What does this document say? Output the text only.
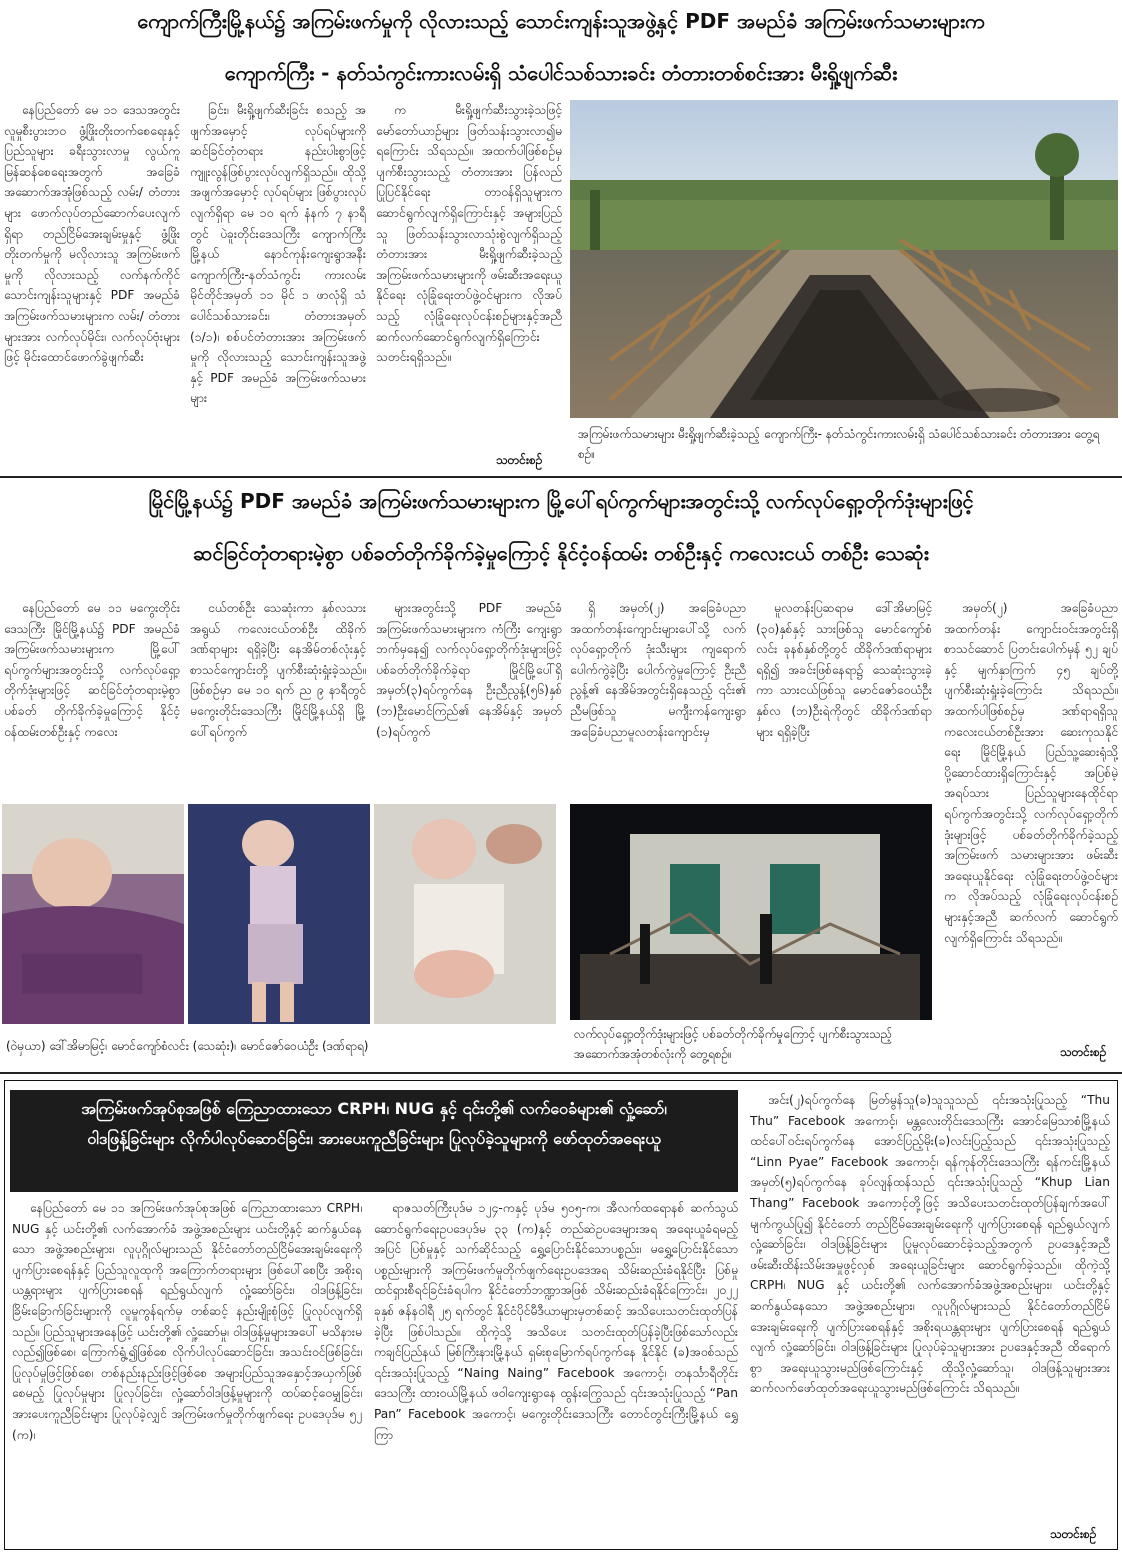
ကျောက်ကြီးမြို့နယ်၌ အကြမ်းဖက်မှုကို လိုလားသည့် သောင်းကျန်းသူအဖွဲ့နှင့် PDF အမည်ခံ အကြမ်းဖက်သမားများက
ကျောက်ကြီး - နတ်သံကွင်းကားလမ်းရှိ သံပေါင်သစ်သားခင်း တံတားတစ်စင်းအား မီးရှို့ဖျက်ဆီး

နေပြည်တော် မေ ၁၁ ဒေသအတွင်း လူမှုစီးပွားဘဝ ဖွံ့ဖြိုးတိုးတက်စေရေးနှင့် ပြည်သူများ ခရီးသွားလာမှု လွယ်ကူမြန်ဆန်စေရေးအတွက် အခြေခံအဆောက်အအုံဖြစ်သည့် လမ်း/ တံတားများ ဖောက်လုပ်တည်ဆောက်ပေးလျက်ရှိရာ တည်ငြိမ်အေးချမ်းမှုနှင့် ဖွံ့ဖြိုးတိုးတက်မှုကို မလိုလားသူ အကြမ်းဖက်မှုကို လိုလားသည့် လက်နက်ကိုင် သောင်းကျန်းသူများနှင့် PDF အမည်ခံအကြမ်းဖက်သမားများက လမ်း/ တံတားများအား လက်လုပ်မိုင်း၊ လက်လုပ်ဗုံးများဖြင့် မိုင်းထောင်ဖောက်ခွဲဖျက်ဆီး

ခြင်း၊ မီးရှို့ဖျက်ဆီးခြင်း စသည့် အဖျက်အမှောင့် လုပ်ရပ်များကို ဆင်ခြင်တုံတရား နည်းပါးစွာဖြင့် ကျူးလွန်ဖြစ်ပွားလုပ်လျက်ရှိသည်။ ထိုသို့ အဖျက်အမှောင့် လုပ်ရပ်များ ဖြစ်ပွားလုပ်လျက်ရှိရာ မေ ၁၀ ရက် နံနက် ၇ နာရီတွင် ပဲခူးတိုင်းဒေသကြီး ကျောက်ကြီးမြို့နယ် နောင်ကုန်းကျေးရွာအနီး ကျောက်ကြီး-နတ်သံကွင်း ကားလမ်းမိုင်တိုင်အမှတ် ၁၁ မိုင် ၁ ဖာလုံရှိ သံပေါင်သစ်သားခင်း၊ တံတားအမှတ် (၁/၁)၊ စစ်ပင်တံတားအား အကြမ်းဖက်မှုကို လိုလားသည့် သောင်းကျန်းသူအဖွဲ့နှင့် PDF အမည်ခံ အကြမ်းဖက်သမားများ

က မီးရှို့ဖျက်ဆီးသွားခဲ့သဖြင့် မော်တော်ယာဉ်များ ဖြတ်သန်းသွားလာ၍မရကြောင်း သိရသည်။ အထက်ပါဖြစ်စဉ်မှ ပျက်စီးသွားသည့် တံတားအား ပြန်လည်ပြုပြင်နိုင်ရေး တာဝန်ရှိသူများက ဆောင်ရွက်လျက်ရှိကြောင်းနှင့် အများပြည်သူ ဖြတ်သန်းသွားလာသုံးစွဲလျက်ရှိသည့် တံတားအား မီးရှို့ဖျက်ဆီးခဲ့သည့် အကြမ်းဖက်သမားများကို ဖမ်းဆီးအရေးယူနိုင်ရေး လုံခြုံရေးတပ်ဖွဲ့ဝင်များက လိုအပ်သည့် လုံခြုံရေးလုပ်ငန်းစဉ်များနှင့်အညီ ဆက်လက်ဆောင်ရွက်လျက်ရှိကြောင်း သတင်းရရှိသည်။

သတင်းစဉ်
အကြမ်းဖက်သမားများ မီးရှို့ဖျက်ဆီးခဲ့သည့် ကျောက်ကြီး- နတ်သံကွင်းကားလမ်းရှိ သံပေါင်သစ်သားခင်း တံတားအား တွေ့ရစဉ်။
မြိုင်မြို့နယ်၌ PDF အမည်ခံ အကြမ်းဖက်သမားများက မြို့ပေါ်ရပ်ကွက်များအတွင်းသို့ လက်လုပ်ရှော့တိုက်ဒုံးများဖြင့်
ဆင်ခြင်တုံတရားမဲ့စွာ ပစ်ခတ်တိုက်ခိုက်ခဲ့မှုကြောင့် နိုင်ငံ့ဝန်ထမ်း တစ်ဦးနှင့် ကလေးငယ် တစ်ဦး သေဆုံး

နေပြည်တော် မေ ၁၁ မကွေးတိုင်းဒေသကြီး မြိုင်မြို့နယ်၌ PDF အမည်ခံ အကြမ်းဖက်သမားများက မြို့ပေါ်ရပ်ကွက်များအတွင်းသို့ လက်လုပ်ရှော့တိုက်ဒုံးများဖြင့် ဆင်ခြင်တုံတရားမဲ့စွာ ပစ်ခတ် တိုက်ခိုက်ခဲ့မှုကြောင့် နိုင်ငံ့ဝန်ထမ်းတစ်ဦးနှင့် ကလေး

ငယ်တစ်ဦး သေဆုံးကာ နှစ်လသားအရွယ် ကလေးငယ်တစ်ဦး ထိခိုက်ဒဏ်ရာများ ရရှိခဲ့ပြီး နေအိမ်တစ်လုံးနှင့် စာသင်ကျောင်းတို့ ပျက်စီးဆုံးရှုံးခဲ့သည်။ ဖြစ်စဉ်မှာ မေ ၁၀ ရက် ည ၉ နာရီတွင် မကွေးတိုင်းဒေသကြီး မြိုင်မြို့နယ်ရှိ မြို့ပေါ်ရပ်ကွက်

များအတွင်းသို့ PDF အမည်ခံ အကြမ်းဖက်သမားများက ကံကြီး ကျေးရွာဘက်မှနေ၍ လက်လုပ်ရှော့တိုက်ဒုံးများဖြင့် ပစ်ခတ်တိုက်ခိုက်ခဲ့ရာ မြိုင်မြို့ပေါ်ရှိ အမှတ်(၃)ရပ်ကွက်နေ ဦးညီညွန့်(၅၆)နှစ် (ဘ)ဦးမောင်ကြည်၏ နေအိမ်နှင့် အမှတ် (၁)ရပ်ကွက်

ရှိ အမှတ်(၂) အခြေခံပညာ အထက်တန်းကျောင်းများပေါ်သို့ လက်လုပ်ရှော့တိုက် ဒုံးသီးများ ကျရောက် ပေါက်ကွဲခဲ့ပြီး ပေါက်ကွဲမှုကြောင့် ဦးညီညွန့်၏ နေအိမ်အတွင်းရှိနေသည့် ၎င်း၏ ညီမဖြစ်သူ မကျီးကန်ကျေးရွာ အခြေခံပညာမူလတန်းကျောင်းမှ

မူလတန်းပြဆရာမ ဒေါ်အိမာမြင့် (၃၀)နှစ်နှင့် သားဖြစ်သူ မောင်ကျော်စံလင်း ခုနစ်နှစ်တို့တွင် ထိခိုက်ဒဏ်ရာများရရှိ၍ အခင်းဖြစ်နေရာ၌ သေဆုံးသွားခဲ့ကာ သားငယ်ဖြစ်သူ မောင်ဇော်ဝေယံဦး နှစ်လ (ဘ)ဦးရဲကိုတွင် ထိခိုက်ဒဏ်ရာများ ရရှိခဲ့ပြီး

အမှတ်(၂) အခြေခံပညာအထက်တန်း ကျောင်းဝင်းအတွင်းရှိ စာသင်ဆောင် ပြတင်းပေါက်မှန် ၅၂ ချပ်နှင့် မျက်နှာကြက် ၄၅ ချပ်တို့ ပျက်စီးဆုံးရှုံးခဲ့ကြောင်း သိရသည်။ အထက်ပါဖြစ်စဉ်မှ ဒဏ်ရာရရှိသူ ကလေးငယ်တစ်ဦးအား ဆေးကုသနိုင်ရေး မြိုင်မြို့နယ် ပြည်သူ့ဆေးရုံသို့ ပို့ဆောင်ထားရှိကြောင်းနှင့် အပြစ်မဲ့ အရပ်သား ပြည်သူများနေထိုင်ရာ ရပ်ကွက်အတွင်းသို့ လက်လုပ်ရှော့တိုက်ဒုံးများဖြင့် ပစ်ခတ်တိုက်ခိုက်ခဲ့သည့် အကြမ်းဖက် သမားများအား ဖမ်းဆီးအရေးယူနိုင်ရေး လုံခြုံရေးတပ်ဖွဲ့ဝင်များက လိုအပ်သည့် လုံခြုံရေးလုပ်ငန်းစဉ်များနှင့်အညီ ဆက်လက် ဆောင်ရွက်လျက်ရှိကြောင်း သိရသည်။

သတင်းစဉ်
(ဝဲမှယာ) ဒေါ်အိမာမြင့်၊ မောင်ကျော်စံလင်း (သေဆုံး)၊ မောင်ဇော်ဝေယံဦး (ဒဏ်ရာရ)
လက်လုပ်ရှော့တိုက်ဒုံးများဖြင့် ပစ်ခတ်တိုက်ခိုက်မှုကြောင့် ပျက်စီးသွားသည့် အဆောက်အအုံတစ်လုံးကို တွေ့ရစဉ်။
အကြမ်းဖက်အုပ်စုအဖြစ် ကြေညာထားသော CRPH၊ NUG နှင့် ၎င်းတို့၏ လက်ဝေခံများ၏ လှုံ့ဆော်၊
ဝါဒဖြန့်ခြင်းများ လိုက်ပါလုပ်ဆောင်ခြင်း၊ အားပေးကူညီခြင်းများ ပြုလုပ်ခဲ့သူများကို ဖော်ထုတ်အရေးယူ

နေပြည်တော် မေ ၁၁ အကြမ်းဖက်အုပ်စုအဖြစ် ကြေညာထားသော CRPH၊ NUG နှင့် ယင်းတို့၏ လက်အောက်ခံ အဖွဲ့အစည်းများ ယင်းတို့နှင့် ဆက်နွယ်နေသော အဖွဲ့အစည်းများ၊ လူပုဂ္ဂိုလ်များသည် နိုင်ငံတော်တည်ငြိမ်အေးချမ်းရေးကို ပျက်ပြားစေရန်နှင့် ပြည်သူလူထုကို အကြောက်တရားများ ဖြစ်ပေါ်စေပြီး အစိုးရယန္တရားများ ပျက်ပြားစေရန် ရည်ရွယ်လျက် လှုံ့ဆော်ခြင်း၊ ဝါဒဖြန့်ခြင်း၊ ခြိမ်းခြောက်ခြင်းများကို လူမှုကွန်ရက်မှ တစ်ဆင့် နည်းမျိုးစုံဖြင့် ပြုလုပ်လျက်ရှိသည်။ ပြည်သူများအနေဖြင့် ယင်းတို့၏ လှုံ့ဆော်မှု၊ ဝါဒဖြန့်မှုများအပေါ် မသိနားမလည်၍ဖြစ်စေ၊ ကြောက်ရွံ့၍ဖြစ်စေ လိုက်ပါလုပ်ဆောင်ခြင်း၊ အသင်းဝင်ဖြစ်ခြင်း၊ ပြုလုပ်မှုဖြင့်ဖြစ်စေ၊ တစ်နည်းနည်းဖြင့်ဖြစ်စေ အများပြည်သူအနှောင့်အယှက်ဖြစ်စေမည့် ပြုလုပ်မှုများ ပြုလုပ်ခြင်း၊ လှုံ့ဆော်ဝါဒဖြန့်မှုများကို ထပ်ဆင့်ဝေမျှခြင်း၊ အားပေးကူညီခြင်းများ ပြုလုပ်ခဲ့လျှင် အကြမ်းဖက်မှုတိုက်ဖျက်ရေး ဥပဒေပုဒ်မ ၅၂ (က)၊

ရာဇသတ်ကြီးပုဒ်မ ၁၂၄-ကနှင့် ပုဒ်မ ၅၀၅-က၊ အီလက်ထရောနစ် ဆက်သွယ်ဆောင်ရွက်ရေးဥပဒေပုဒ်မ ၃၃ (က)နှင့် တည်ဆဲဥပဒေများအရ အရေးယူခံရမည့်အပြင် ပြစ်မှုနှင့် သက်ဆိုင်သည့် ရွှေ့ပြောင်းနိုင်သောပစ္စည်း၊ မရွှေ့ပြောင်းနိုင်သောပစ္စည်းများကို အကြမ်းဖက်မှုတိုက်ဖျက်ရေးဥပဒေအရ သိမ်းဆည်းခံရနိုင်ပြီး ပြစ်မှုထင်ရှားစီရင်ခြင်းခံရပါက နိုင်ငံတော်ဘဏ္ဍာအဖြစ် သိမ်းဆည်းခံရနိုင်ကြောင်း၊ ၂၀၂၂ ခုနှစ် ဇန်နဝါရီ ၂၅ ရက်တွင် နိုင်ငံပိုင်မီဒီယာများမှတစ်ဆင့် အသိပေးသတင်းထုတ်ပြန်ခဲ့ပြီး ဖြစ်ပါသည်။ ထိုကဲ့သို့ အသိပေး သတင်းထုတ်ပြန်ခဲ့ပြီးဖြစ်သော်လည်း ကချင်ပြည်နယ် မြစ်ကြီးနားမြို့နယ် ရှမ်းစုမြောက်ရပ်ကွက်နေ နိုင်နိုင် (ခ)အဝစ်သည် ၎င်းအသုံးပြုသည့် “Naing Naing” Facebook အကောင့်၊ တနင်္သာရီတိုင်းဒေသကြီး ထားဝယ်မြို့နယ် ဖဝါကျေးရွာနေ ထွန်းကြွေသည် ၎င်းအသုံးပြုသည့် “Pan Pan” Facebook အကောင့်၊ မကွေးတိုင်းဒေသကြီး တောင်တွင်းကြီးမြို့နယ် ရွှေကြာ

အင်း(၂)ရပ်ကွက်နေ မြတ်မွန်သူ(ခ)သူသူသည် ၎င်းအသုံးပြုသည့် “Thu Thu” Facebook အကောင့်၊ မန္တလေးတိုင်းဒေသကြီး အောင်မြေသာစံမြို့နယ် ထင်ပေါ်ဝင်းရပ်ကွက်နေ အောင်ပြည့်မိုး(ခ)လင်းပြည့်သည် ၎င်းအသုံးပြုသည့် “Linn Pyae” Facebook အကောင့်၊ ရန်ကုန်တိုင်းဒေသကြီး ရန်ကင်းမြို့နယ် အမှတ်(၅)ရပ်ကွက်နေ ခုပ်လျန်ထန်သည် ၎င်းအသုံးပြုသည့် “Khup Lian Thang” Facebook အကောင့်တို့ဖြင့် အသိပေးသတင်းထုတ်ပြန်ချက်အပေါ် မျက်ကွယ်ပြု၍ နိုင်ငံတော် တည်ငြိမ်အေးချမ်းရေးကို ပျက်ပြားစေရန် ရည်ရွယ်လျက် လှုံ့ဆော်ခြင်း၊ ဝါဒဖြန့်ခြင်းများ ပြုမူလုပ်ဆောင်ခဲ့သည့်အတွက် ဥပဒေနှင့်အညီ ဖမ်းဆီးထိန်းသိမ်းအမှုဖွင့်လှစ် အရေးယူခြင်းများ ဆောင်ရွက်ခဲ့သည်။ ထိုကဲ့သို့ CRPH၊ NUG နှင့် ယင်းတို့၏ လက်အောက်ခံအဖွဲ့အစည်းများ၊ ယင်းတို့နှင့် ဆက်နွယ်နေသော အဖွဲ့အစည်းများ၊ လူပုဂ္ဂိုလ်များသည် နိုင်ငံတော်တည်ငြိမ်အေးချမ်းရေးကို ပျက်ပြားစေရန်နှင့် အစိုးရယန္တရားများ ပျက်ပြားစေရန် ရည်ရွယ်လျက် လှုံ့ဆော်ခြင်း၊ ဝါဒဖြန့်ခြင်းများ ပြုလုပ်ခဲ့သူများအား ဥပဒေနှင့်အညီ ထိရောက်စွာ အရေးယူသွားမည်ဖြစ်ကြောင်းနှင့် ထိုသို့လှုံ့ဆော်သူ၊ ဝါဒဖြန့်သူများအား ဆက်လက်ဖော်ထုတ်အရေးယူသွားမည်ဖြစ်ကြောင်း သိရသည်။

သတင်းစဉ်
